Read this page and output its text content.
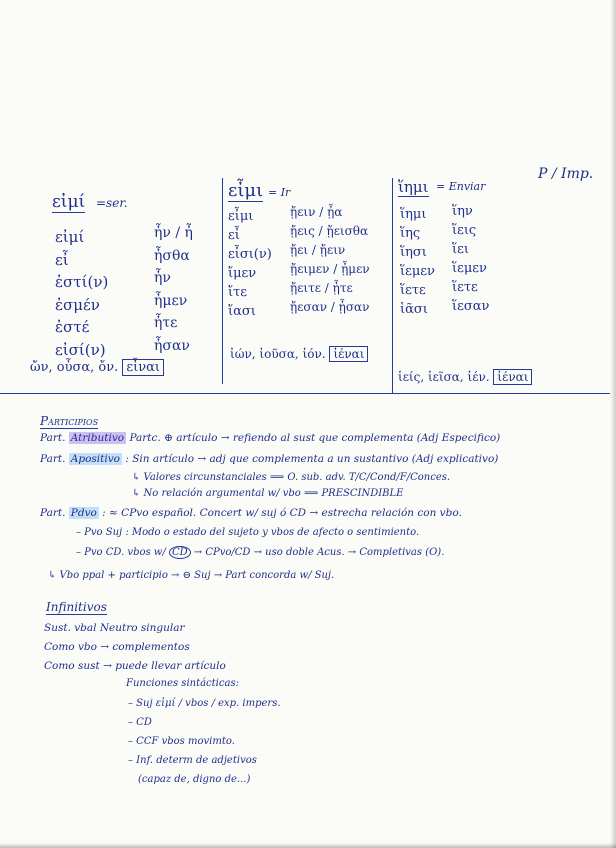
P / Imp.
εἰμί =ser.
εἰμί
εἶ
ἐστί(ν)
ἐσμέν
ἐστέ
εἰσί(ν)
ἦν / ἦ
ἦσθα
ἦν
ἦμεν
ἦτε
ἦσαν
ὤν, οὖσα, ὄν. εἶναι
εἶμι = Ir
εἶμι
εἶ
εἶσι(ν)
ἴμεν
ἴτε
ἴασι
ᾔειν / ᾖα
ᾔεις / ᾔεισθα
ᾔει / ᾔειν
ᾔειμεν / ᾖμεν
ᾔειτε / ᾖτε
ᾔεσαν / ᾖσαν
ἰών, ἰοῦσα, ἰόν. ἰέναι
ἵημι = Enviar
ἵημι
ἵης
ἵησι
ἵεμεν
ἵετε
ἱᾶσι
ἵην
ἵεις
ἵει
ἵεμεν
ἵετε
ἵεσαν
ἱείς, ἱεῖσα, ἱέν. ἱέναι
Participios
Part. Atributivo Partc. ⊕ artículo → refiendo al sust que complementa (Adj Especifico)
Part. Apositivo : Sin artículo → adj que complementa a un sustantivo (Adj explicativo)
↳ Valores circunstanciales ⟹ O. sub. adv. T/C/Cond/F/Conces.
↳ No relación argumental w/ vbo ⟹ PRESCINDIBLE
Part. Pdvo : ≈ CPvo español. Concert w/ suj ó CD → estrecha relación con vbo.
– Pvo Suj : Modo o estado del sujeto y vbos de afecto o sentimiento.
– Pvo CD. vbos w/ CD → CPvo/CD → uso doble Acus. → Completivas (O).
↳ Vbo ppal + participio → ⊖ Suj → Part concorda w/ Suj.
Infinitivos
Sust. vbal Neutro singular
Como vbo → complementos
Como sust → puede llevar artículo
Funciones sintácticas:
– Suj εἰμί / vbos / exp. impers.
– CD
– CCF vbos movimto.
– Inf. determ de adjetivos
(capaz de, digno de...)
